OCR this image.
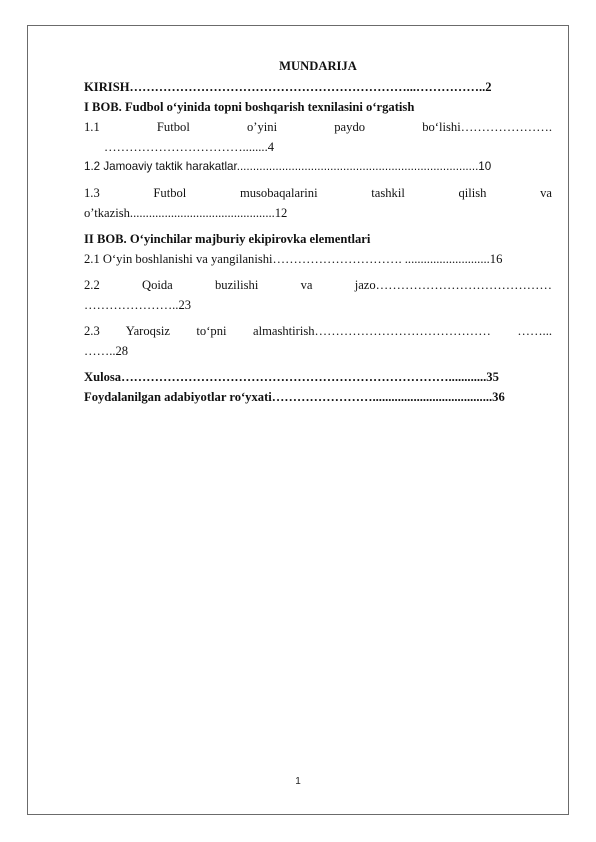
MUNDARIJA

KIRISH…………………………………………………………...……………..2

I BOB. Fudbol o‘yinida topni boshqarish texnilasini o‘rgatish

1.1 Futbol o’yini paydo bo‘lishi………………….

……………………………........4

1.2 Jamoaviy taktik harakatlar...........................................................................10

1.3 Futbol musobaqalarini tashkil qilish va

o’tkazish..............................................12

II BOB. O‘yinchilar majburiy ekipirovka elementlari

2.1 O‘yin boshlanishi va yangilanishi…………………………. ...........................16

2.2 Qoida buzilishi va jazo……………………………………

…………………..23

2.3 Yaroqsiz to‘pni almashtirish…………………………………… ……...

……..28

Xulosa……………………………………………………………………............35

Foydalanilgan adabiyotlar ro‘yxati……………………......................................36

1
